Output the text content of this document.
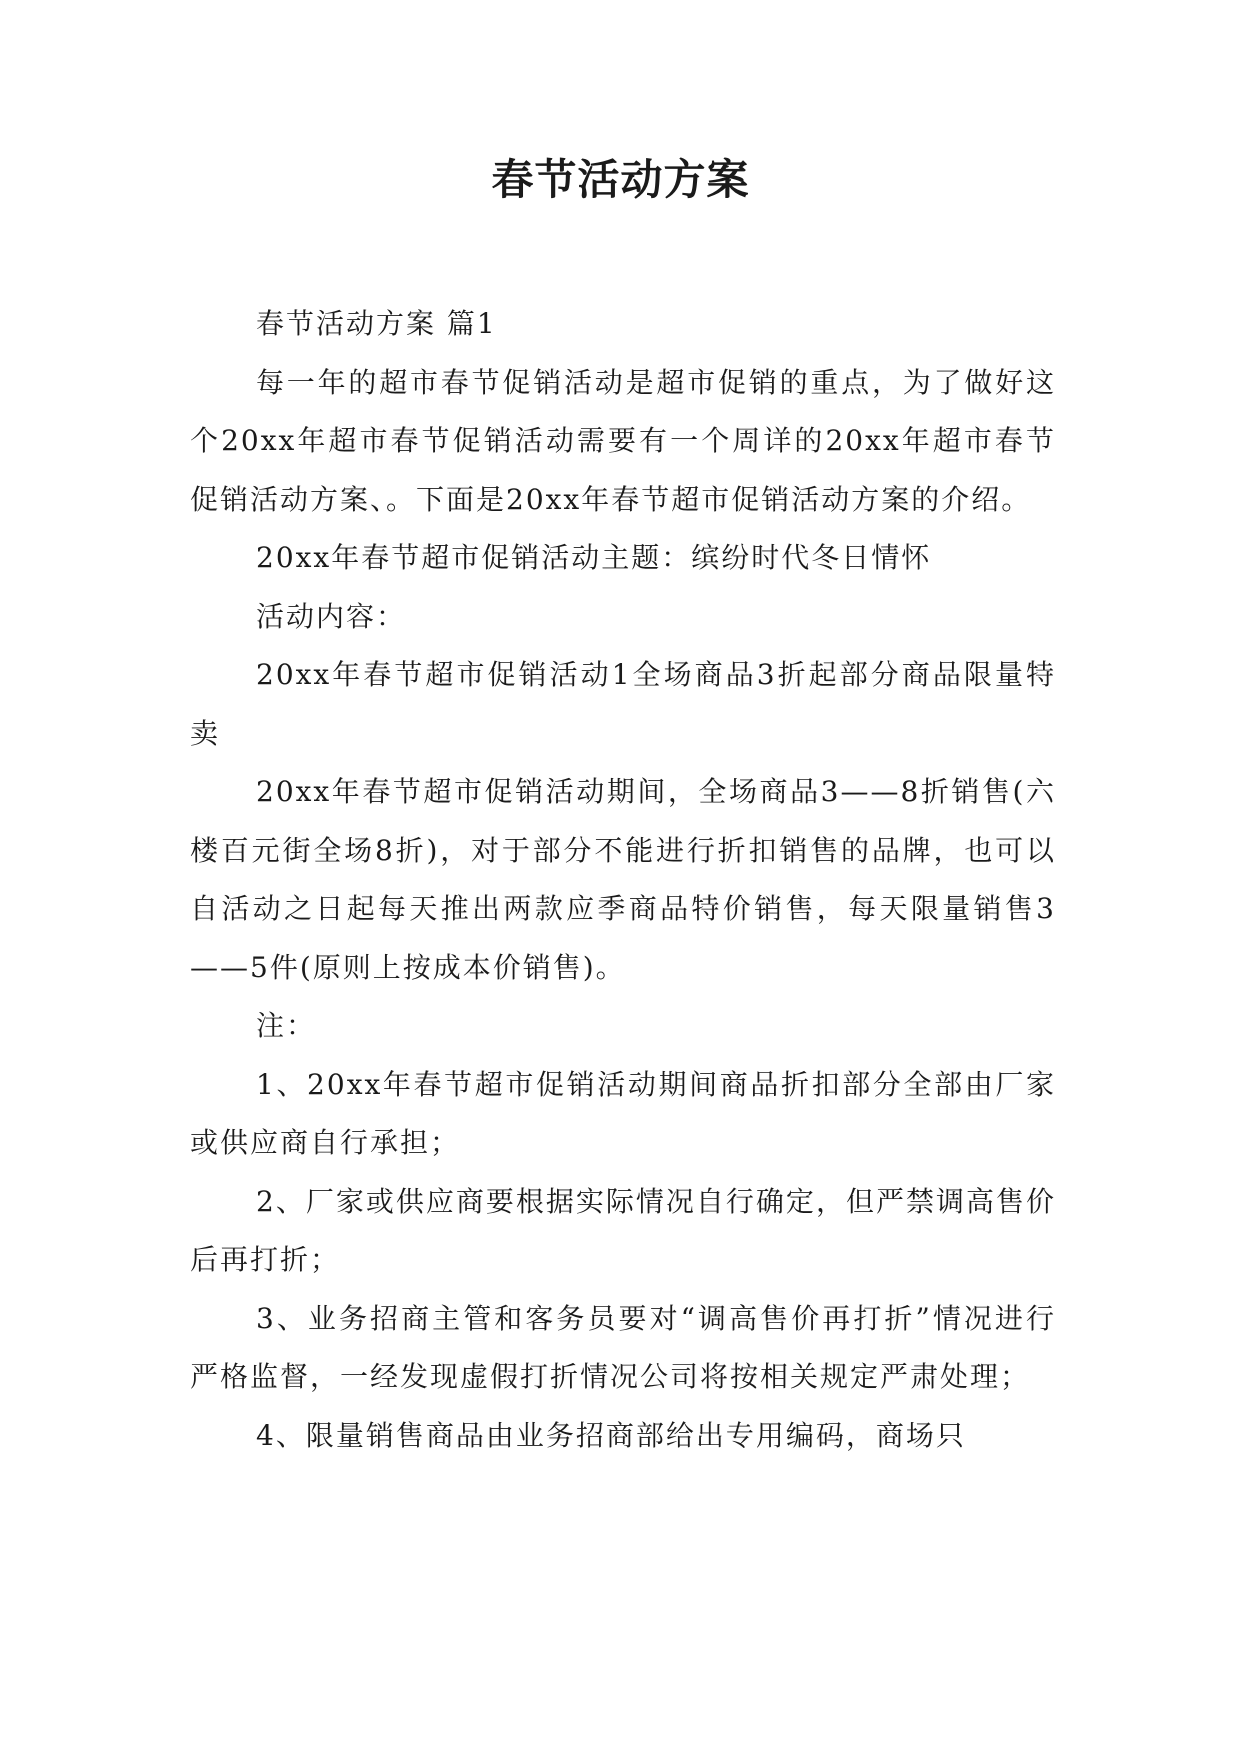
春节活动方案

春节活动方案 篇1

每一年的超市春节促销活动是超市促销的重点，为了做好这个20xx年超市春节促销活动需要有一个周详的20xx年超市春节促销活动方案、。下面是20xx年春节超市促销活动方案的介绍。

20xx年春节超市促销活动主题：缤纷时代冬日情怀

活动内容：

20xx年春节超市促销活动1全场商品3折起部分商品限量特卖

20xx年春节超市促销活动期间，全场商品3——8折销售(六楼百元街全场8折)，对于部分不能进行折扣销售的品牌，也可以自活动之日起每天推出两款应季商品特价销售，每天限量销售3——5件(原则上按成本价销售)。

注：

1、20xx年春节超市促销活动期间商品折扣部分全部由厂家或供应商自行承担；

2、厂家或供应商要根据实际情况自行确定，但严禁调高售价后再打折；

3、业务招商主管和客务员要对“调高售价再打折”情况进行严格监督，一经发现虚假打折情况公司将按相关规定严肃处理；

4、限量销售商品由业务招商部给出专用编码，商场只
